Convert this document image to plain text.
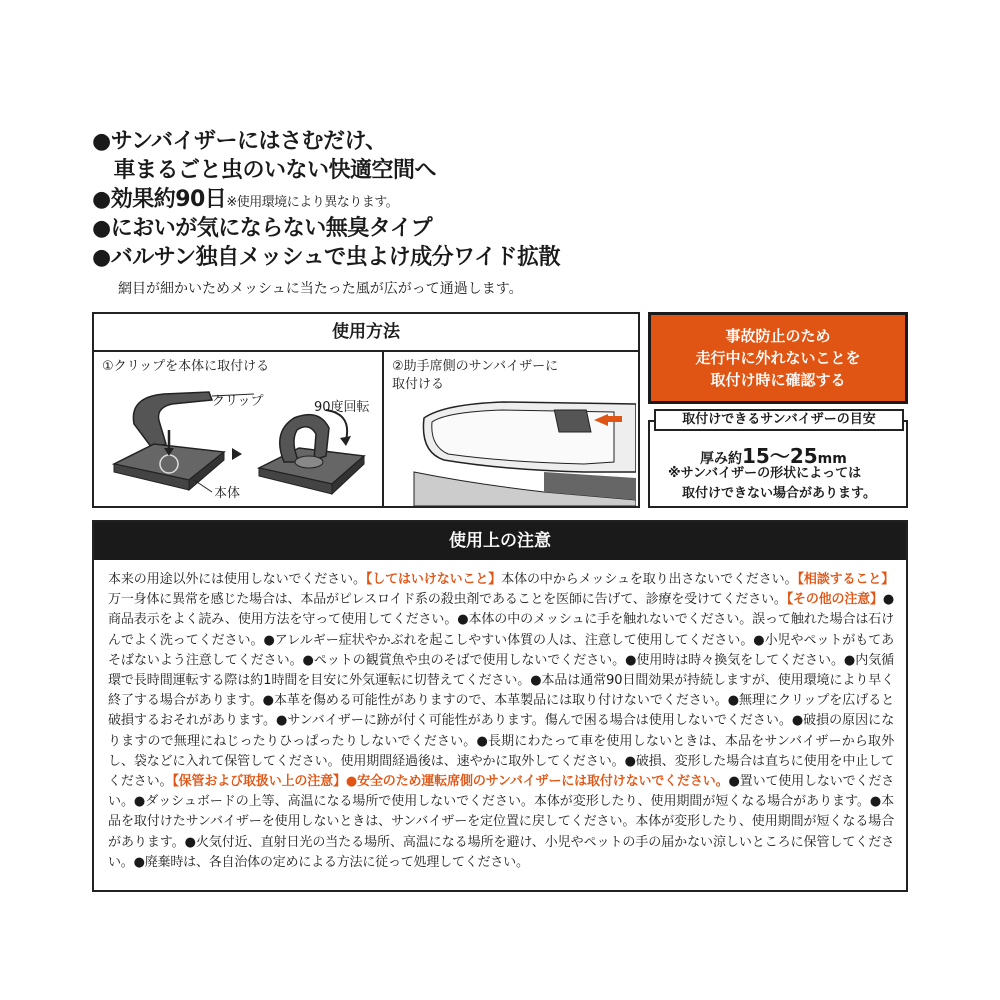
●サンバイザーにはさむだけ、
　車まるごと虫のいない快適空間へ
●効果約90日※使用環境により異なります。
●においが気にならない無臭タイプ
●バルサン独自メッシュで虫よけ成分ワイド拡散
網目が細かいためメッシュに当たった風が広がって通過します。
使用方法
①クリップを本体に取付ける
クリップ	90度回転
本体
②助手席側のサンバイザーに
取付ける
事故防止のため
走行中に外れないことを
取付け時に確認する
取付けできるサンバイザーの目安
厚み約15〜25mm
※サンバイザーの形状によっては
取付けできない場合があります。
使用上の注意
本来の用途以外には使用しないでください。【してはいけないこと】本体の中からメッシュを取り出さないでください。【相談すること】万一身体に異常を感じた場合は、本品がピレスロイド系の殺虫剤であることを医師に告げて、診療を受けてください。【その他の注意】●商品表示をよく読み、使用方法を守って使用してください。●本体の中のメッシュに手を触れないでください。誤って触れた場合は石けんでよく洗ってください。●アレルギー症状やかぶれを起こしやすい体質の人は、注意して使用してください。●小児やペットがもてあそばないよう注意してください。●ペットの観賞魚や虫のそばで使用しないでください。●使用時は時々換気をしてください。●内気循環で長時間運転する際は約1時間を目安に外気運転に切替えてください。●本品は通常90日間効果が持続しますが、使用環境により早く終了する場合があります。●本革を傷める可能性がありますので、本革製品には取り付けないでください。●無理にクリップを広げると破損するおそれがあります。●サンバイザーに跡が付く可能性があります。傷んで困る場合は使用しないでください。●破損の原因になりますので無理にねじったりひっぱったりしないでください。●長期にわたって車を使用しないときは、本品をサンバイザーから取外し、袋などに入れて保管してください。使用期間経過後は、速やかに取外してください。●破損、変形した場合は直ちに使用を中止してください。【保管および取扱い上の注意】●安全のため運転席側のサンバイザーには取付けないでください。●置いて使用しないでください。●ダッシュボードの上等、高温になる場所で使用しないでください。本体が変形したり、使用期間が短くなる場合があります。●本品を取付けたサンバイザーを使用しないときは、サンバイザーを定位置に戻してください。本体が変形したり、使用期間が短くなる場合があります。●火気付近、直射日光の当たる場所、高温になる場所を避け、小児やペットの手の届かない涼しいところに保管してください。●廃棄時は、各自治体の定めによる方法に従って処理してください。
